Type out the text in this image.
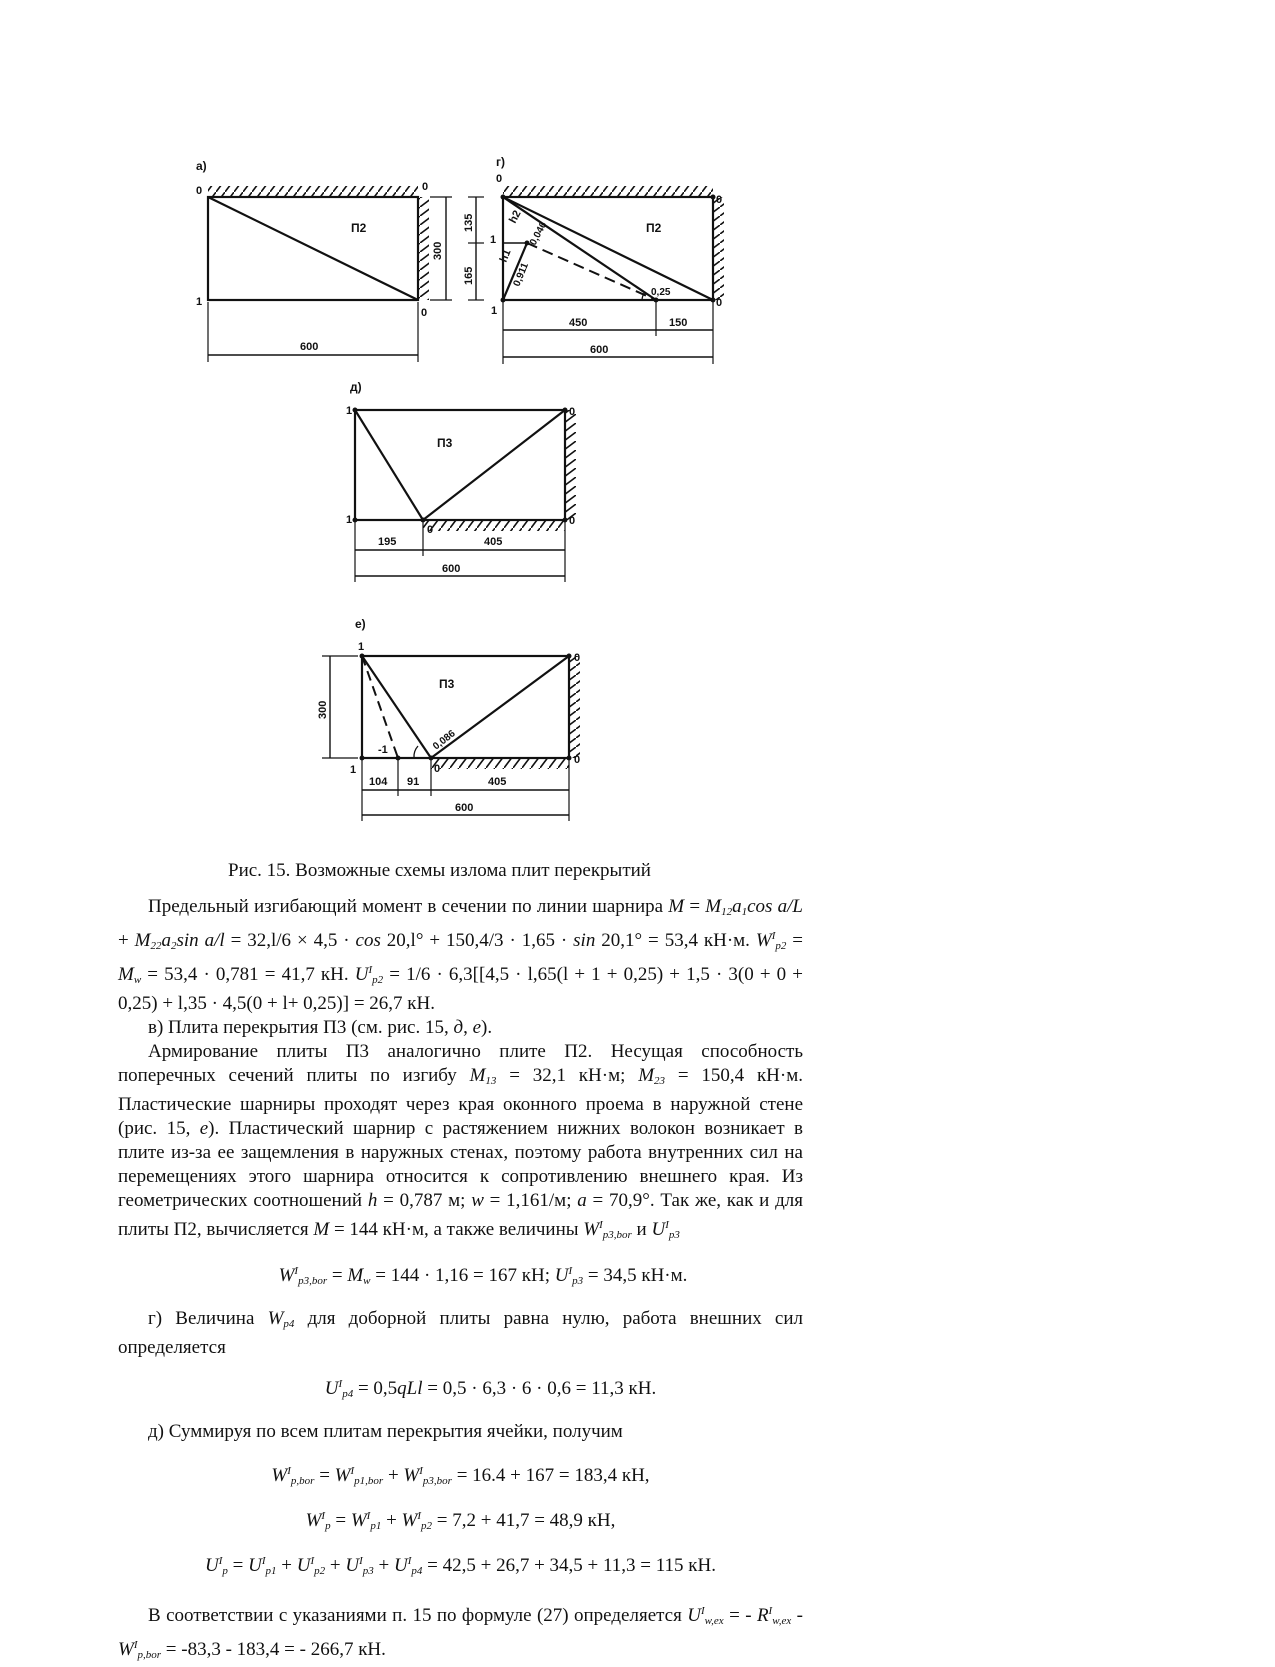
а)
П2
0	0
1
0
600
300
г)
П2
0
0
1
1
0
h2
0,046
h1
0,911
0,25
135
165
450	150
600
д)
П3
1	0
1
0
0
195	405
600
е)
П3
1
0
1
-1
0
0
0,086
300
104 91	405
600
Рис. 15. Возможные схемы излома плит перекрытий

Предельный изгибающий момент в сечении по линии шарнира $M = M_{12}a_1\cos$ $a/L + M_{22}a_2\sin$ a/l = 32,l/6 × 4,5 · cos 20,l° + 150,4/3 · 1,65 · sin 20,1° = 53,4 кН·м. $W^I_{p2} = M_w = 53,4 \cdot 0,781 = 41,7$ кН. $U^I_{p2} = 1/6 \cdot 6,3[[4,5 \cdot l,65(l + 1 + 0,25) + 1,5 \cdot 3(0 + 0 + 0,25) + l,35 \cdot 4,5(0 + l+ 0,25)] = 26,7$ кН.

в) Плита перекрытия П3 (см. рис. 15, д, е).

Армирование плиты П3 аналогично плите П2. Несущая способность поперечных сечений плиты по изгибу $M_{13} = 32,1$ кН·м; $M_{23} = 150,4$ кН·м. Пластические шарниры проходят через края оконного проема в наружной стене (рис. 15, е). Пластический шарнир с растяжением нижних волокон возникает в плите из-за ее защемления в наружных стенах, поэтому работа внутренних сил на перемещениях этого шарнира относится к сопротивлению внешнего края. Из геометрических соотношений h = 0,787 м; w = 1,161/м; a = 70,9°. Так же, как и для плиты П2, вычисляется M = 144 кН·м, а также величины $W^I_{p3,bor}$ и $U^I_{p3}$

$W^I_{p3,bor} = M_w = 144 \cdot 1,16 = 167$ кН; $U^I_{p3} = 34,5$ кН·м.

г) Величина $W_{p4}$ для доборной плиты равна нулю, работа внешних сил определяется

$U^I_{p4} = 0,5qLl = 0,5 \cdot 6,3 \cdot 6 \cdot 0,6 = 11,3$ кН.

д) Суммируя по всем плитам перекрытия ячейки, получим

$W^I_{p,bor} = W^I_{p1,bor} + W^I_{p3,bor} = 16.4 + 167 = 183,4$ кН,
$W^I_p = W^I_{p1} + W^I_{p2} = 7,2 + 41,7 = 48,9$ кН,
$U^I_p = U^I_{p1} + U^I_{p2} + U^I_{p3} + U^I_{p4} = 42,5 + 26,7 + 34,5 + 11,3 = 115$ кН.

В соответствии с указаниями п. 15 по формуле (27) определяется $U^I_{w,ex}$ = - $R^I_{w,ex} - W^I_{p,bor} = -83,3 - 183,4$ = - 266,7 кН.
